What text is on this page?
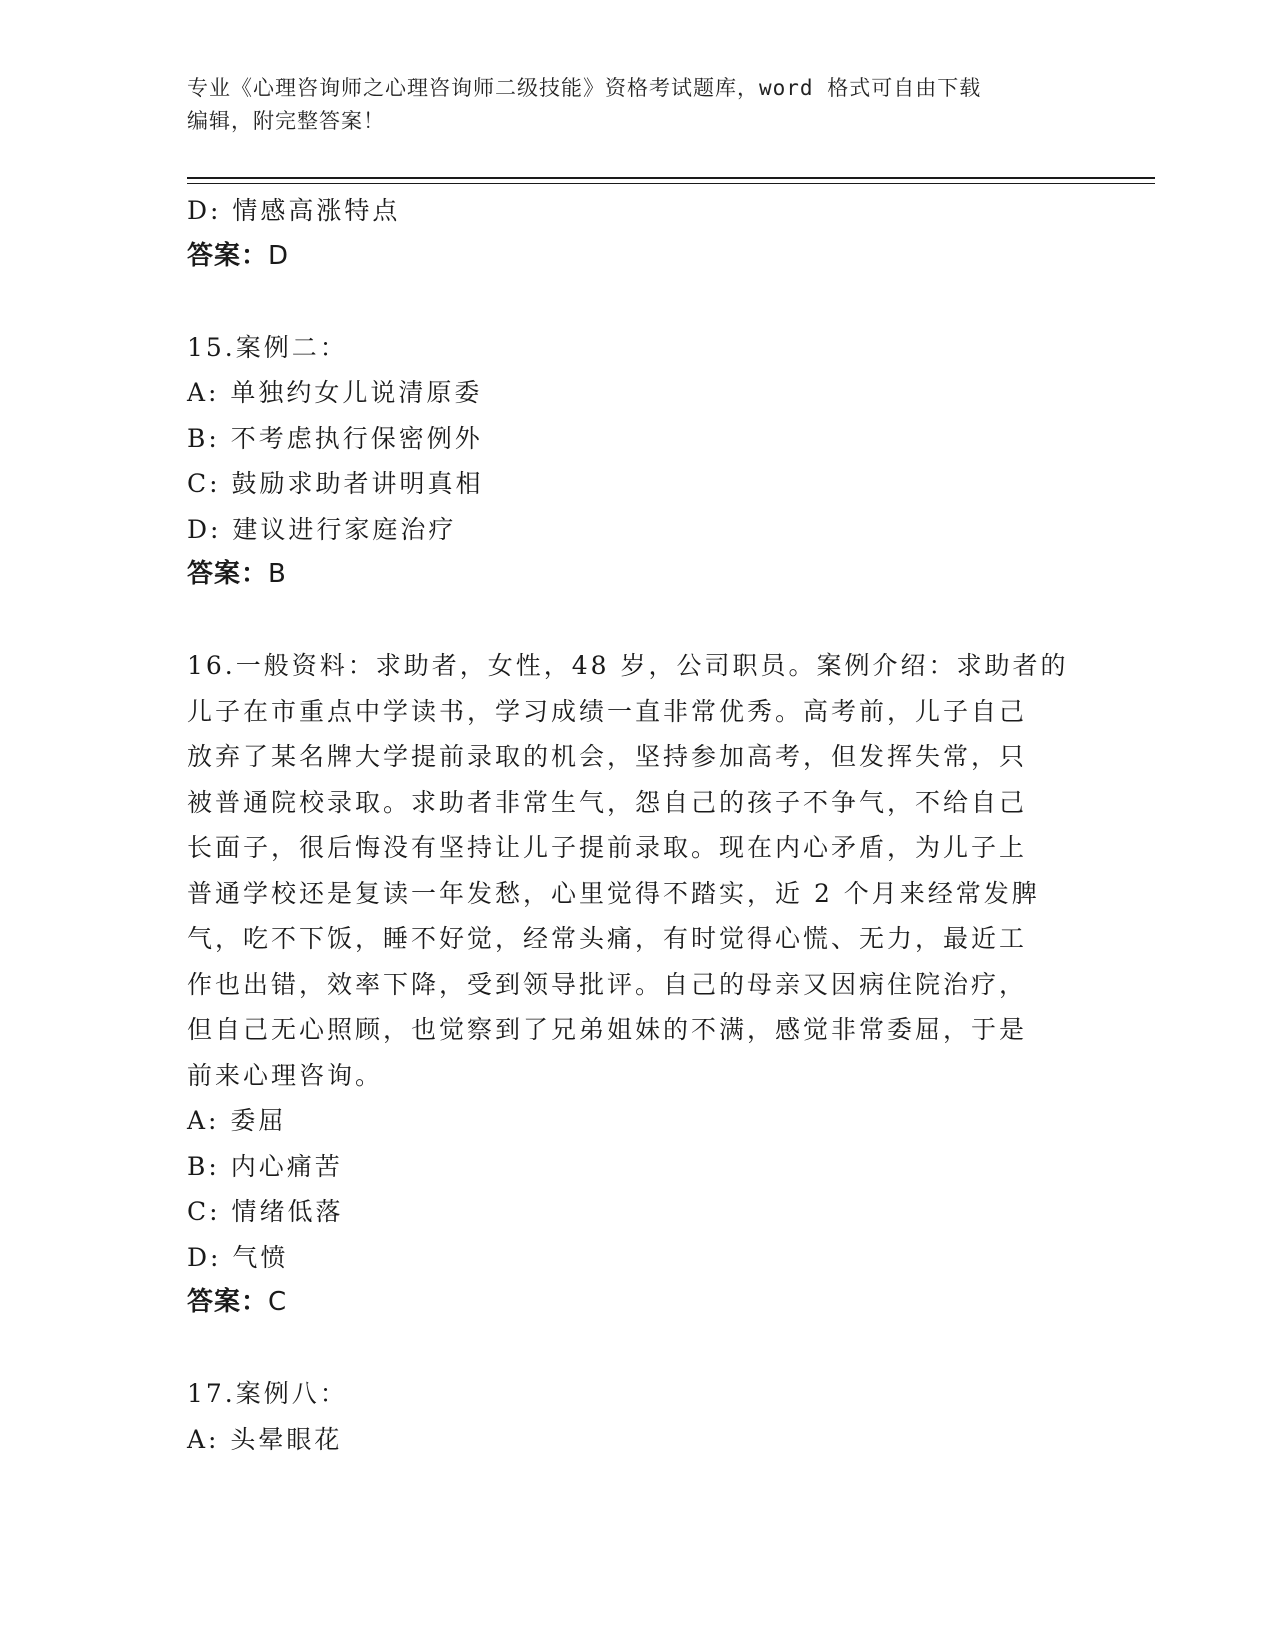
专业《心理咨询师之心理咨询师二级技能》资格考试题库，word 格式可自由下载
编辑，附完整答案！
D: 情感高涨特点
答案：D
15.案例二：
A: 单独约女儿说清原委
B: 不考虑执行保密例外
C: 鼓励求助者讲明真相
D: 建议进行家庭治疗
答案：B
16.一般资料：求助者，女性，48 岁，公司职员。案例介绍：求助者的
儿子在市重点中学读书，学习成绩一直非常优秀。高考前，儿子自己
放弃了某名牌大学提前录取的机会，坚持参加高考，但发挥失常，只
被普通院校录取。求助者非常生气，怨自己的孩子不争气，不给自己
长面子，很后悔没有坚持让儿子提前录取。现在内心矛盾，为儿子上
普通学校还是复读一年发愁，心里觉得不踏实，近 2 个月来经常发脾
气，吃不下饭，睡不好觉，经常头痛，有时觉得心慌、无力，最近工
作也出错，效率下降，受到领导批评。自己的母亲又因病住院治疗，
但自己无心照顾，也觉察到了兄弟姐妹的不满，感觉非常委屈，于是
前来心理咨询。
A: 委屈
B: 内心痛苦
C: 情绪低落
D: 气愤
答案：C
17.案例八：
A: 头晕眼花
